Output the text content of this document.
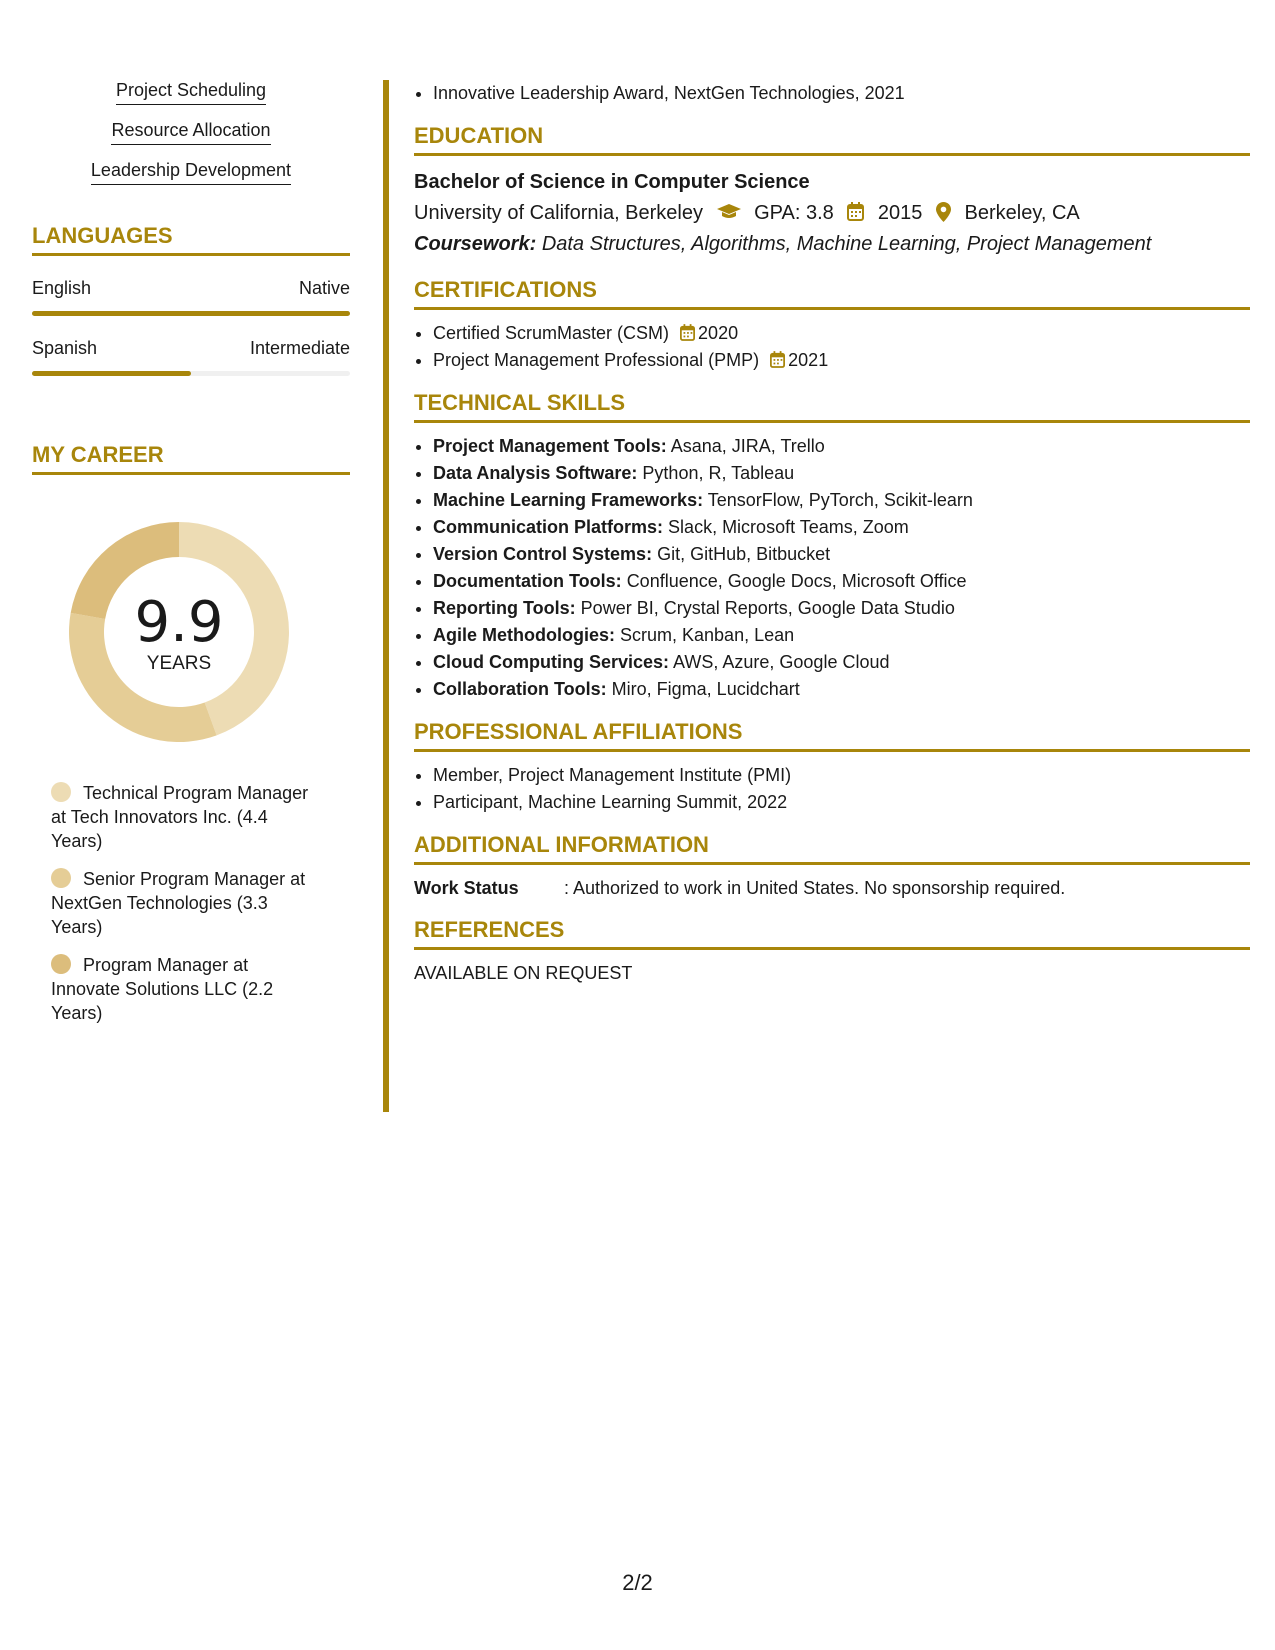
Project Scheduling
Resource Allocation
Leadership Development
LANGUAGES
English	Native
Spanish	Intermediate
MY CAREER
9.9
YEARS
Technical Program Manager at Tech Innovators Inc. (4.4 Years)
Senior Program Manager at NextGen Technologies (3.3 Years)
Program Manager at Innovate Solutions LLC (2.2 Years)
• Innovative Leadership Award, NextGen Technologies, 2021
EDUCATION
Bachelor of Science in Computer Science
University of California, Berkeley	GPA: 3.8 2015 Berkeley, CA
Coursework: Data Structures, Algorithms, Machine Learning, Project Management
CERTIFICATIONS
• Certified ScrumMaster (CSM) 2020
• Project Management Professional (PMP) 2021
TECHNICAL SKILLS
• Project Management Tools: Asana, JIRA, Trello
• Data Analysis Software: Python, R, Tableau
• Machine Learning Frameworks: TensorFlow, PyTorch, Scikit-learn
• Communication Platforms: Slack, Microsoft Teams, Zoom
• Version Control Systems: Git, GitHub, Bitbucket
• Documentation Tools: Confluence, Google Docs, Microsoft Office
• Reporting Tools: Power BI, Crystal Reports, Google Data Studio
• Agile Methodologies: Scrum, Kanban, Lean
• Cloud Computing Services: AWS, Azure, Google Cloud
• Collaboration Tools: Miro, Figma, Lucidchart
PROFESSIONAL AFFILIATIONS
• Member, Project Management Institute (PMI)
• Participant, Machine Learning Summit, 2022
ADDITIONAL INFORMATION
Work Status	: Authorized to work in United States. No sponsorship required.
REFERENCES
AVAILABLE ON REQUEST
2/2
